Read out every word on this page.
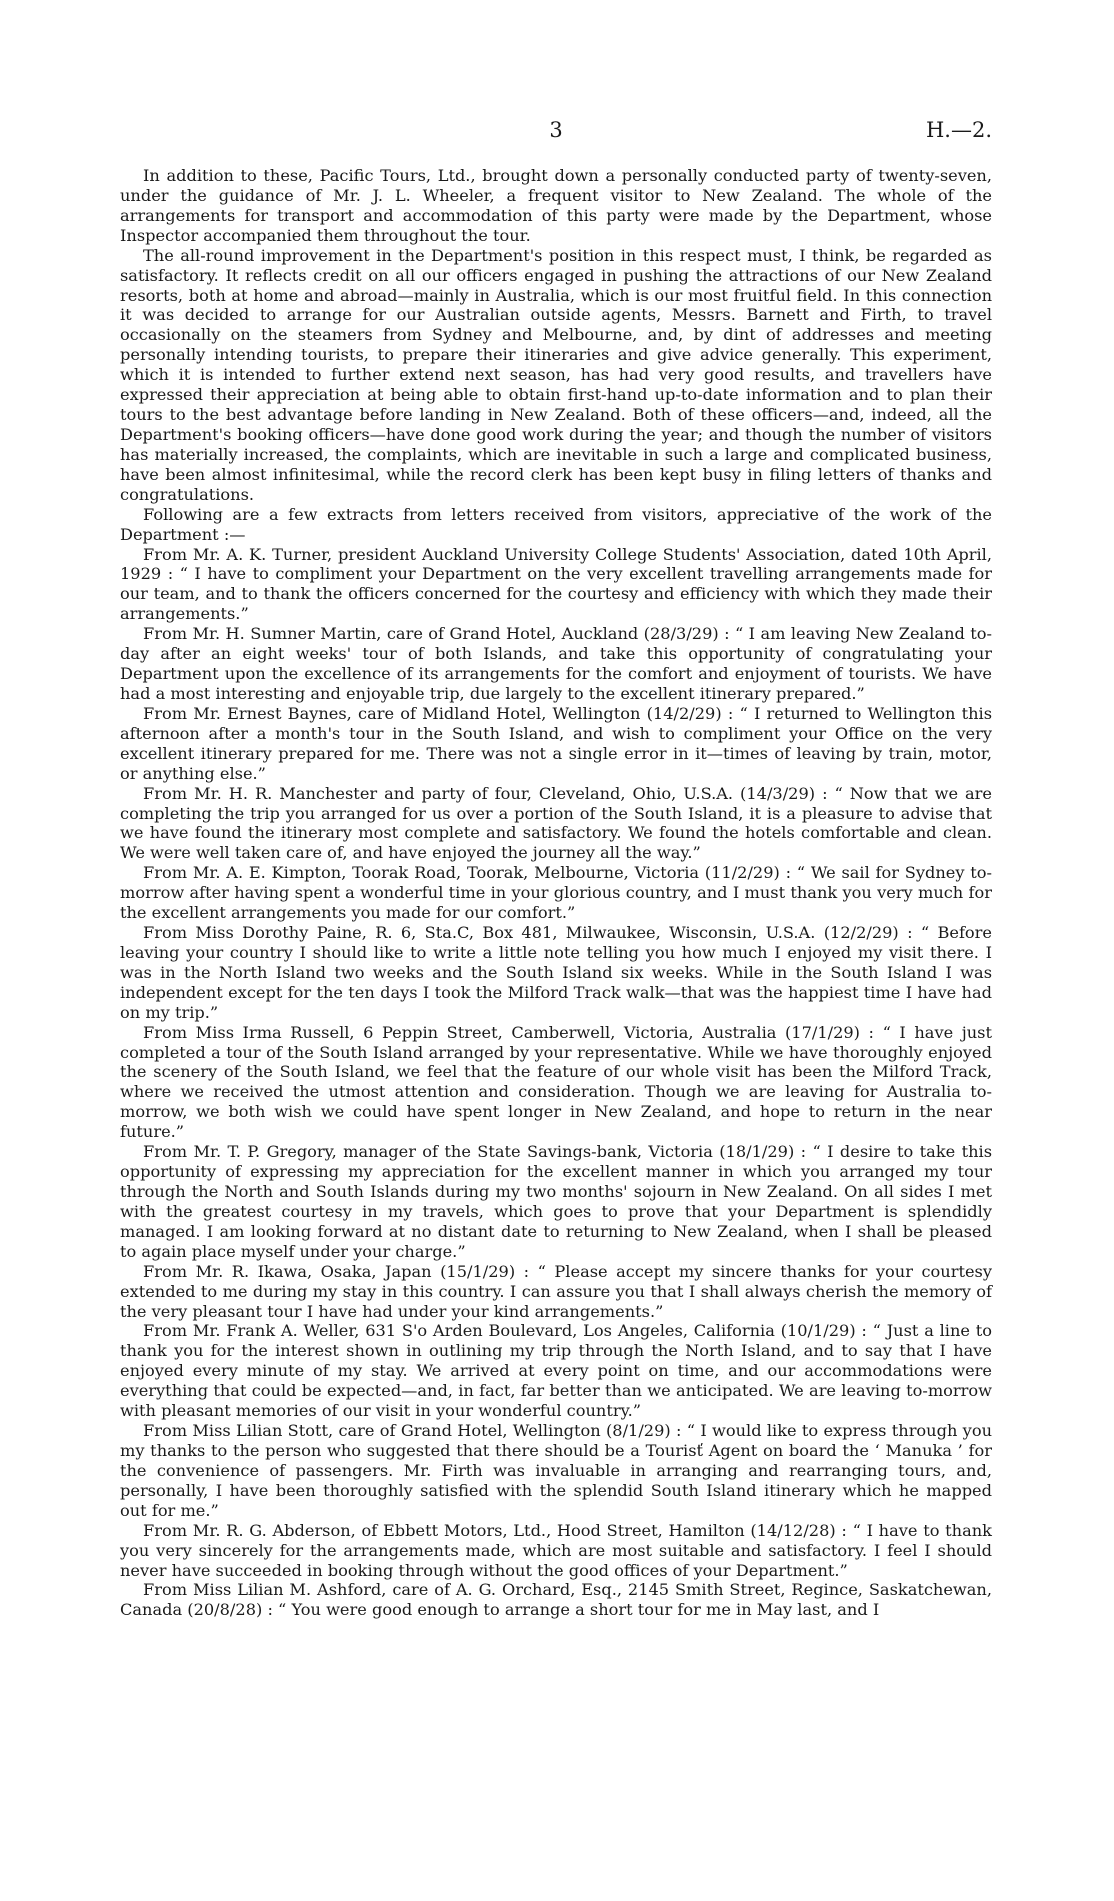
3	H.—2.

In addition to these, Pacific Tours, Ltd., brought down a personally conducted party of twenty-seven, under the guidance of Mr. J. L. Wheeler, a frequent visitor to New Zealand. The whole of the arrangements for transport and accommodation of this party were made by the Department, whose Inspector accompanied them throughout the tour.

The all-round improvement in the Department's position in this respect must, I think, be regarded as satisfactory. It reflects credit on all our officers engaged in pushing the attractions of our New Zealand resorts, both at home and abroad—mainly in Australia, which is our most fruitful field. In this connection it was decided to arrange for our Australian outside agents, Messrs. Barnett and Firth, to travel occasionally on the steamers from Sydney and Melbourne, and, by dint of addresses and meeting personally intending tourists, to prepare their itineraries and give advice generally. This experiment, which it is intended to further extend next season, has had very good results, and travellers have expressed their appreciation at being able to obtain first-hand up-to-date information and to plan their tours to the best advantage before landing in New Zealand. Both of these officers—and, indeed, all the Department's booking officers—have done good work during the year; and though the number of visitors has materially increased, the complaints, which are inevitable in such a large and complicated business, have been almost infinitesimal, while the record clerk has been kept busy in filing letters of thanks and congratulations.

Following are a few extracts from letters received from visitors, appreciative of the work of the Department :—

From Mr. A. K. Turner, president Auckland University College Students' Association, dated 10th April, 1929 : “ I have to compliment your Department on the very excellent travelling arrangements made for our team, and to thank the officers concerned for the courtesy and efficiency with which they made their arrangements.”

From Mr. H. Sumner Martin, care of Grand Hotel, Auckland (28/3/29) : “ I am leaving New Zealand to-day after an eight weeks' tour of both Islands, and take this opportunity of congratulating your Department upon the excellence of its arrangements for the comfort and enjoyment of tourists. We have had a most interesting and enjoyable trip, due largely to the excellent itinerary prepared.”

From Mr. Ernest Baynes, care of Midland Hotel, Wellington (14/2/29) : “ I returned to Wellington this afternoon after a month's tour in the South Island, and wish to compliment your Office on the very excellent itinerary prepared for me. There was not a single error in it—times of leaving by train, motor, or anything else.”

From Mr. H. R. Manchester and party of four, Cleveland, Ohio, U.S.A. (14/3/29) : “ Now that we are completing the trip you arranged for us over a portion of the South Island, it is a pleasure to advise that we have found the itinerary most complete and satisfactory. We found the hotels comfortable and clean. We were well taken care of, and have enjoyed the journey all the way.”

From Mr. A. E. Kimpton, Toorak Road, Toorak, Melbourne, Victoria (11/2/29) : “ We sail for Sydney to-morrow after having spent a wonderful time in your glorious country, and I must thank you very much for the excellent arrangements you made for our comfort.”

From Miss Dorothy Paine, R. 6, Sta.C, Box 481, Milwaukee, Wisconsin, U.S.A. (12/2/29) : “ Before leaving your country I should like to write a little note telling you how much I enjoyed my visit there. I was in the North Island two weeks and the South Island six weeks. While in the South Island I was independent except for the ten days I took the Milford Track walk—that was the happiest time I have had on my trip.”

From Miss Irma Russell, 6 Peppin Street, Camberwell, Victoria, Australia (17/1/29) : “ I have just completed a tour of the South Island arranged by your representative. While we have thoroughly enjoyed the scenery of the South Island, we feel that the feature of our whole visit has been the Milford Track, where we received the utmost attention and consideration. Though we are leaving for Australia to-morrow, we both wish we could have spent longer in New Zealand, and hope to return in the near future.”

From Mr. T. P. Gregory, manager of the State Savings-bank, Victoria (18/1/29) : “ I desire to take this opportunity of expressing my appreciation for the excellent manner in which you arranged my tour through the North and South Islands during my two months' sojourn in New Zealand. On all sides I met with the greatest courtesy in my travels, which goes to prove that your Department is splendidly managed. I am looking forward at no distant date to returning to New Zealand, when I shall be pleased to again place myself under your charge.”

From Mr. R. Ikawa, Osaka, Japan (15/1/29) : “ Please accept my sincere thanks for your courtesy extended to me during my stay in this country. I can assure you that I shall always cherish the memory of the very pleasant tour I have had under your kind arrangements.”

From Mr. Frank A. Weller, 631 S'o Arden Boulevard, Los Angeles, California (10/1/29) : “ Just a line to thank you for the interest shown in outlining my trip through the North Island, and to say that I have enjoyed every minute of my stay. We arrived at every point on time, and our accommodations were everything that could be expected—and, in fact, far better than we anticipated. We are leaving to-morrow with pleasant memories of our visit in your wonderful country.”

From Miss Lilian Stott, care of Grand Hotel, Wellington (8/1/29) : “ I would like to express through you my thanks to the person who suggested that there should be a Tourisť Agent on board the ‘ Manuka ’ for the convenience of passengers. Mr. Firth was invaluable in arranging and rearranging tours, and, personally, I have been thoroughly satisfied with the splendid South Island itinerary which he mapped out for me.”

From Mr. R. G. Abderson, of Ebbett Motors, Ltd., Hood Street, Hamilton (14/12/28) : “ I have to thank you very sincerely for the arrangements made, which are most suitable and satisfactory. I feel I should never have succeeded in booking through without the good offices of your Department.”

From Miss Lilian M. Ashford, care of A. G. Orchard, Esq., 2145 Smith Street, Regince, Saskatchewan, Canada (20/8/28) : “ You were good enough to arrange a short tour for me in May last, and I
